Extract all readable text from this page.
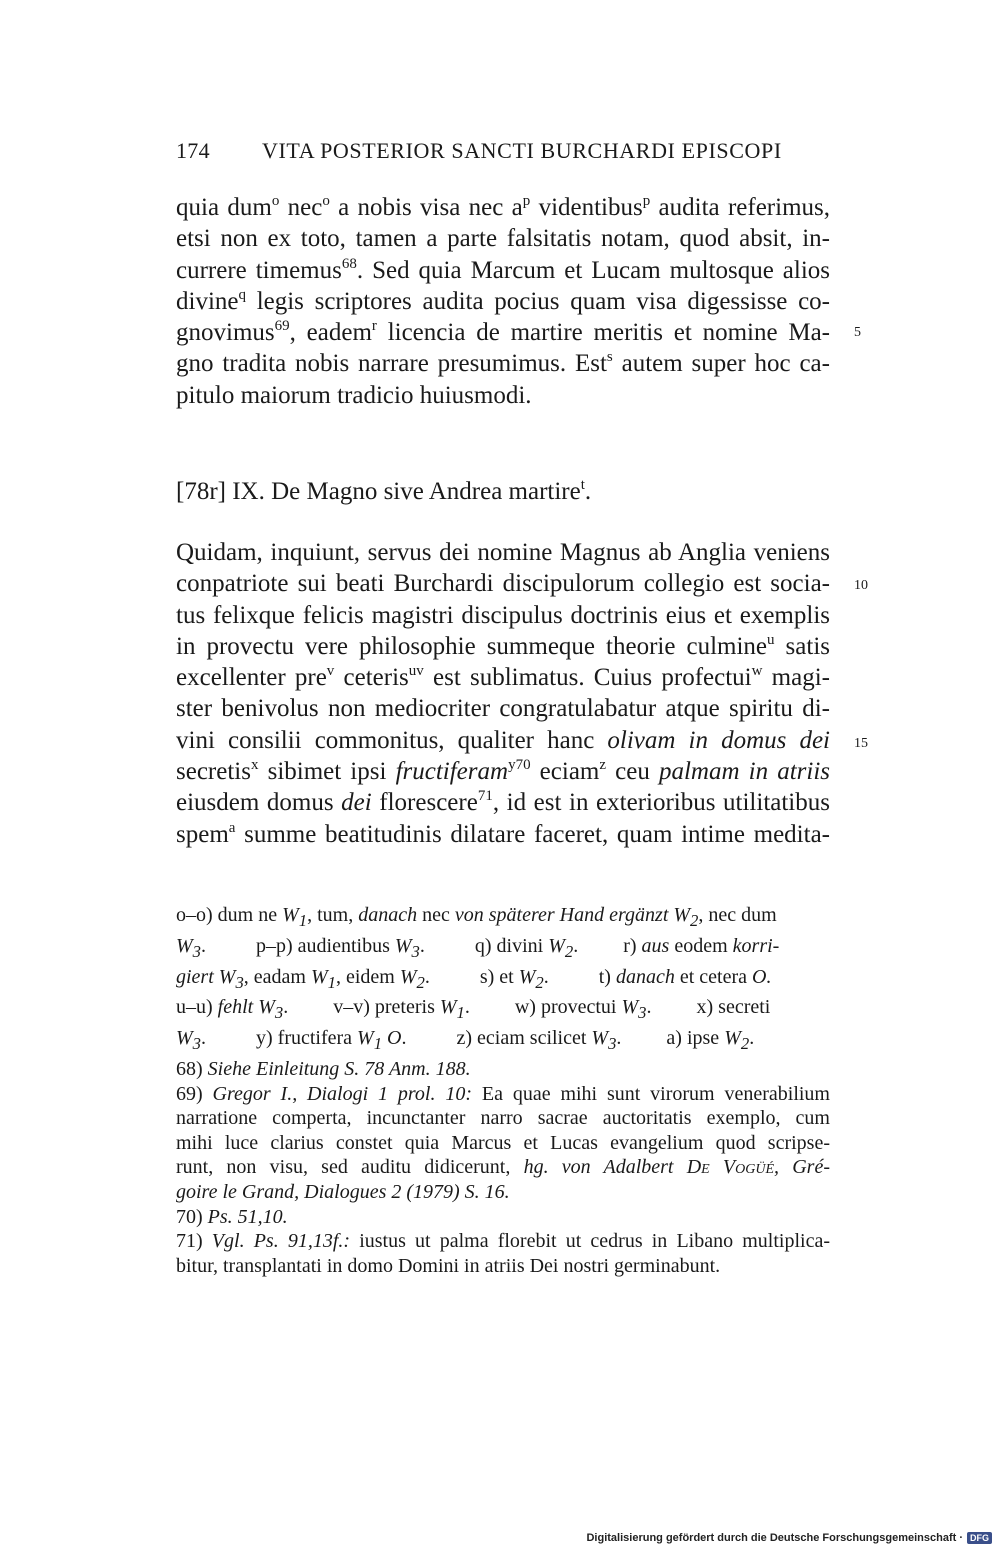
174 VITA POSTERIOR SANCTI BURCHARDI EPISCOPI
quia dum$^o$ nec$^o$ a nobis visa nec $a^p$ videntibus$^p$ audita referimus,
etsi non ex toto, tamen a parte falsitatis notam, quod absit, in-
currere timemus$^{68}$. Sed quia Marcum et Lucam multosque alios
divine$^q$ legis scriptores audita pocius quam visa digessisse co-
gnovimus$^{69}$, eadem$^r$ licencia de martire meritis et nomine Ma-
gno tradita nobis narrare presumimus. Est$^s$ autem super hoc ca-
pitulo maiorum tradicio huiusmodi.
5
[78r] IX. De Magno sive Andrea martire$^t$.
Quidam, inquiunt, servus dei nomine Magnus ab Anglia veniens
conpatriote sui beati Burchardi discipulorum collegio est socia-
tus felixque felicis magistri discipulus doctrinis eius et exemplis
in provectu vere philosophie summeque theorie culmine$^u$ satis
excellenter pre$^v$ ceteris$^{uv}$ est sublimatus. Cuius profectui$^w$ magi-
ster benivolus non mediocriter congratulabatur atque spiritu di-
vini consilii commonitus, qualiter hanc olivam in domus dei
secretis$^x$ sibimet ipsi fructiferam$^{y70}$ eciam$^z$ ceu palmam in atriis
eiusdem domus dei florescere$^{71}$, id est in exterioribus utilitatibus
spem$^a$ summe beatitudinis dilatare faceret, quam intime medita-
10
15
o–o) dum ne $W_1$, tum, danach nec von späterer Hand ergänzt $W_2$, nec dum
$W_3$.          p–p) audientibus $W_3$.          q) divini $W_2$.         r) aus eodem korri-
giert $W_3$, eadam $W_1$, eidem $W_2$.          s) et $W_2$.          t) danach et cetera O.
u–u) fehlt $W_3$.         v–v) preteris $W_1$.         w) provectui $W_3$.         x) secreti
$W_3$.          y) fructifera $W_1$ O.          z) eciam scilicet $W_3$.         a) ipse $W_2$.
68) Siehe Einleitung S. 78 Anm. 188.
69) Gregor I., Dialogi 1 prol. 10: Ea quae mihi sunt virorum venerabilium
narratione comperta, incunctanter narro sacrae auctoritatis exemplo, cum
mihi luce clarius constet quia Marcus et Lucas evangelium quod scripse-
runt, non visu, sed auditu didicerunt, hg. von Adalbert De Vogüé, Gré-
goire le Grand, Dialogues 2 (1979) S. 16.
70) Ps. 51,10.
71) Vgl. Ps. 91,13f.: iustus ut palma florebit ut cedrus in Libano multiplica-
bitur, transplantati in domo Domini in atriis Dei nostri germinabunt.
Digitalisierung gefördert durch die Deutsche Forschungsgemeinschaft · DFG
